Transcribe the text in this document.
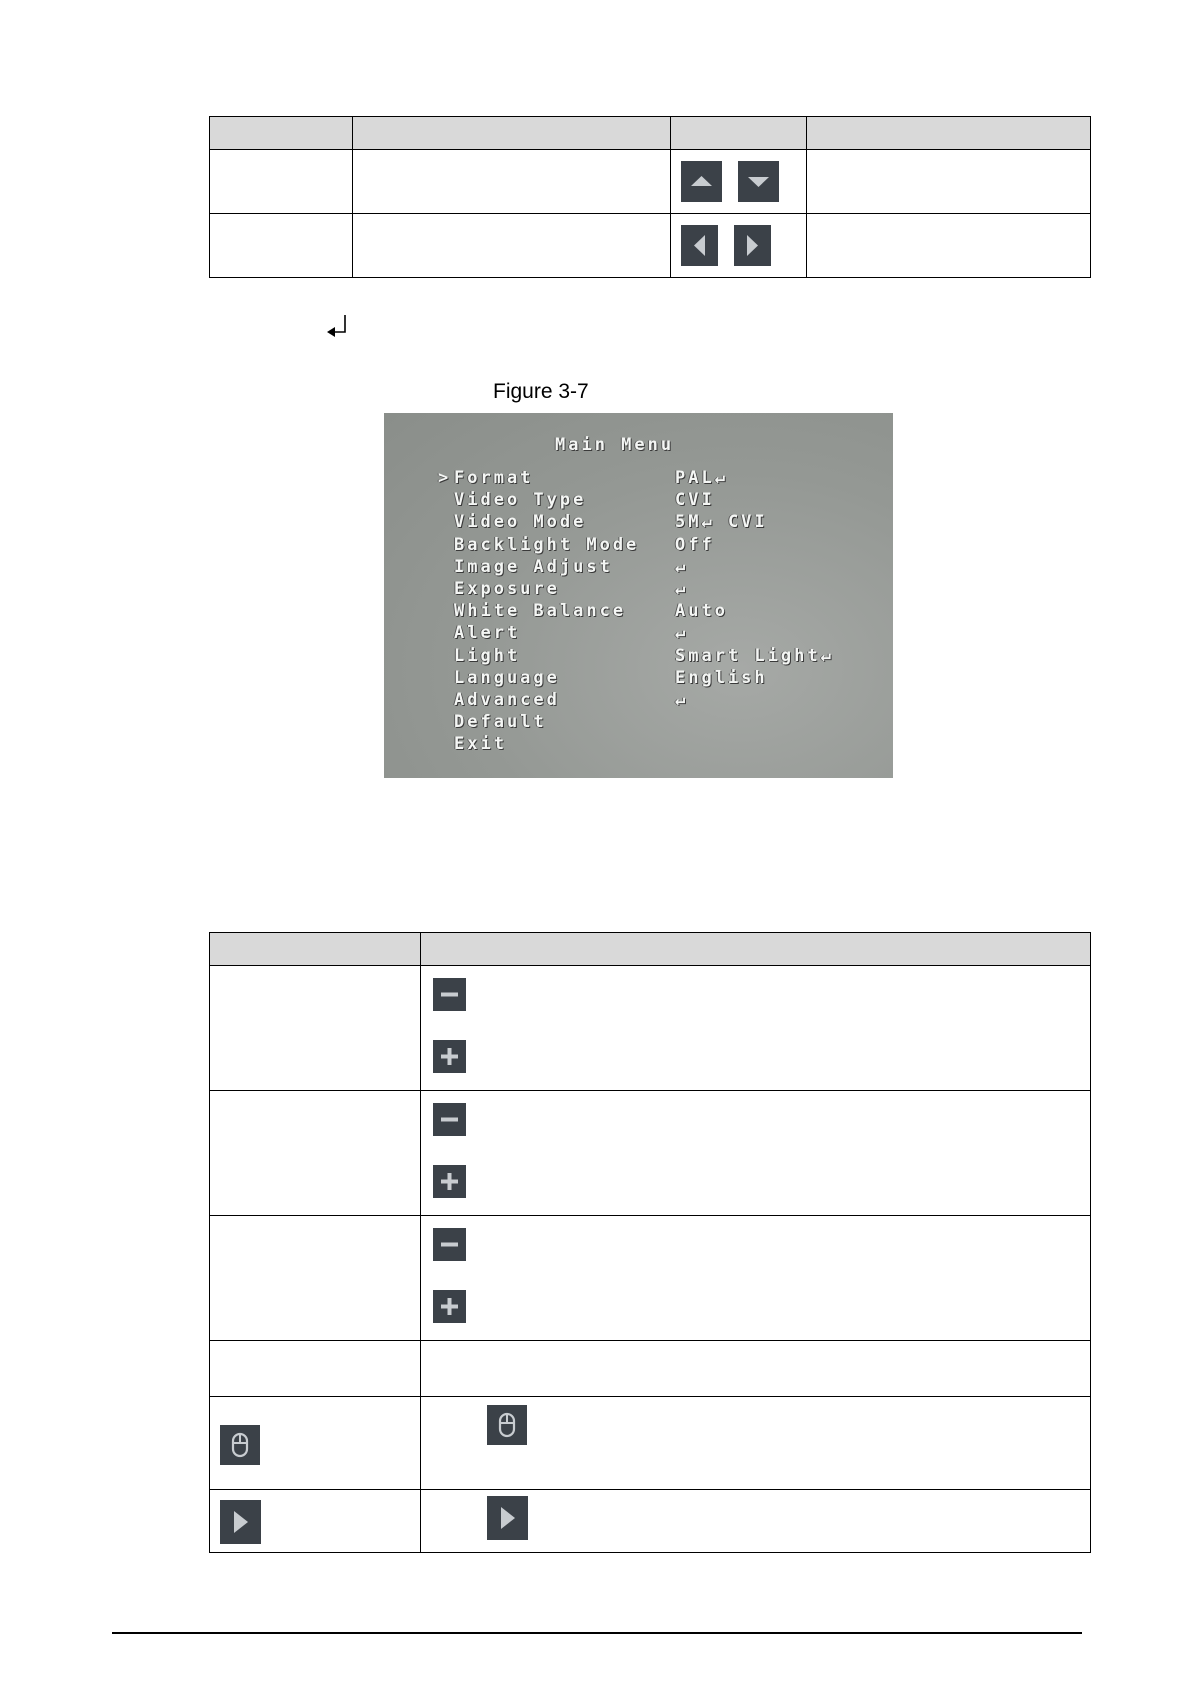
Figure 3-7
Main Menu
> Format	PAL↵
Video Type	CVI
Video Mode	5M↵ CVI
Backlight Mode Off
Image Adjust	↵
Exposure	↵
White Balance	Auto
Alert	↵
Light	Smart Light↵
Language	English
Advanced	↵
Default
Exit
